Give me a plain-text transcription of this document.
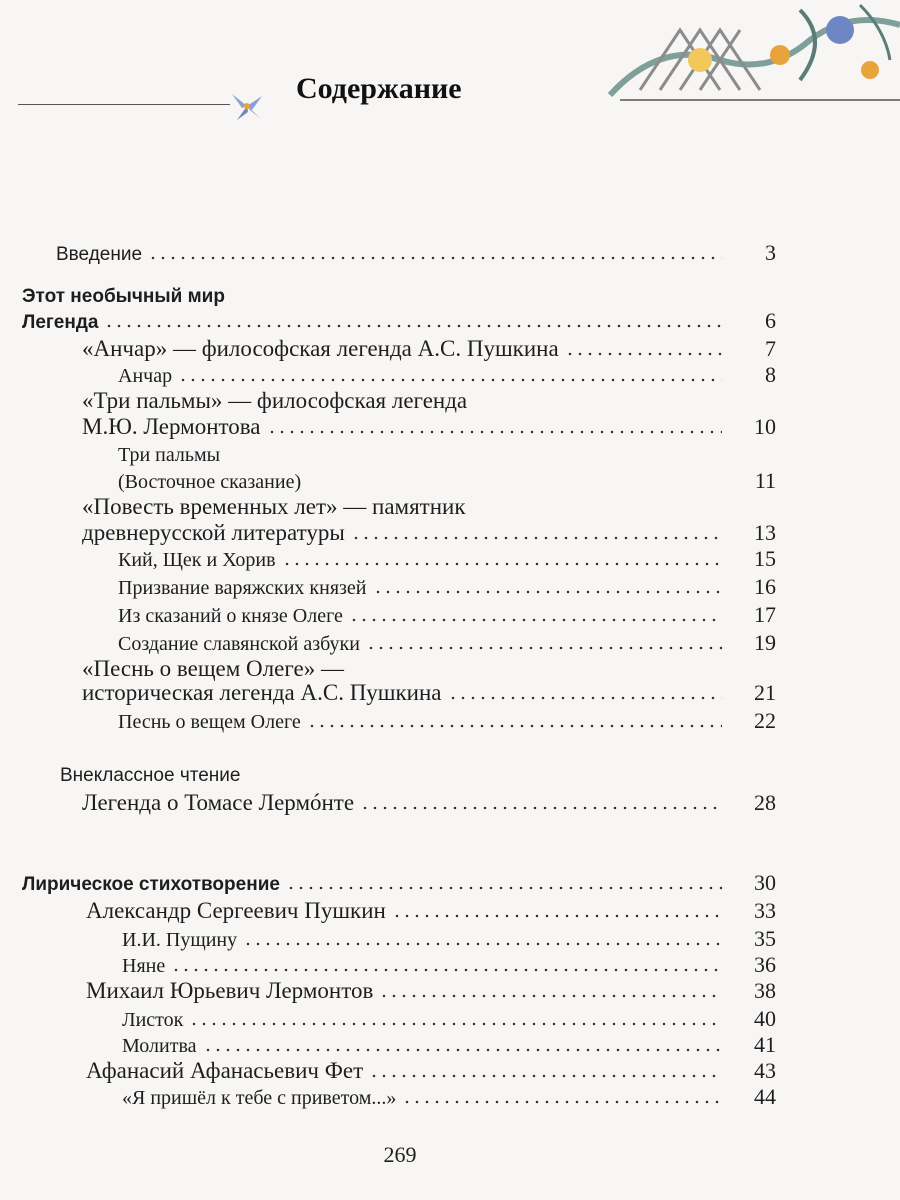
Содержание
Введение	3
Этот необычный мир
Легенда	6
«Анчар» — философская легенда А.С. Пушкина	7
Анчар	8
«Три пальмы» — философская легенда
М.Ю. Лермонтова	10
Три пальмы
(Восточное сказание)	11
«Повесть временных лет» — памятник
древнерусской литературы	13
Кий, Щек и Хорив	15
Призвание варяжских князей	16
Из сказаний о князе Олеге	17
Создание славянской азбуки	19
«Песнь о вещем Олеге» —
историческая легенда А.С. Пушкина	21
Песнь о вещем Олеге	22
Внеклассное чтение
Легенда о Томасе Лермóнте	28
Лирическое стихотворение	30
Александр Сергеевич Пушкин	33
И.И. Пущину	35
Няне	36
Михаил Юрьевич Лермонтов	38
Листок	40
Молитва	41
Афанасий Афанасьевич Фет	43
«Я пришёл к тебе с приветом...»	44
269
